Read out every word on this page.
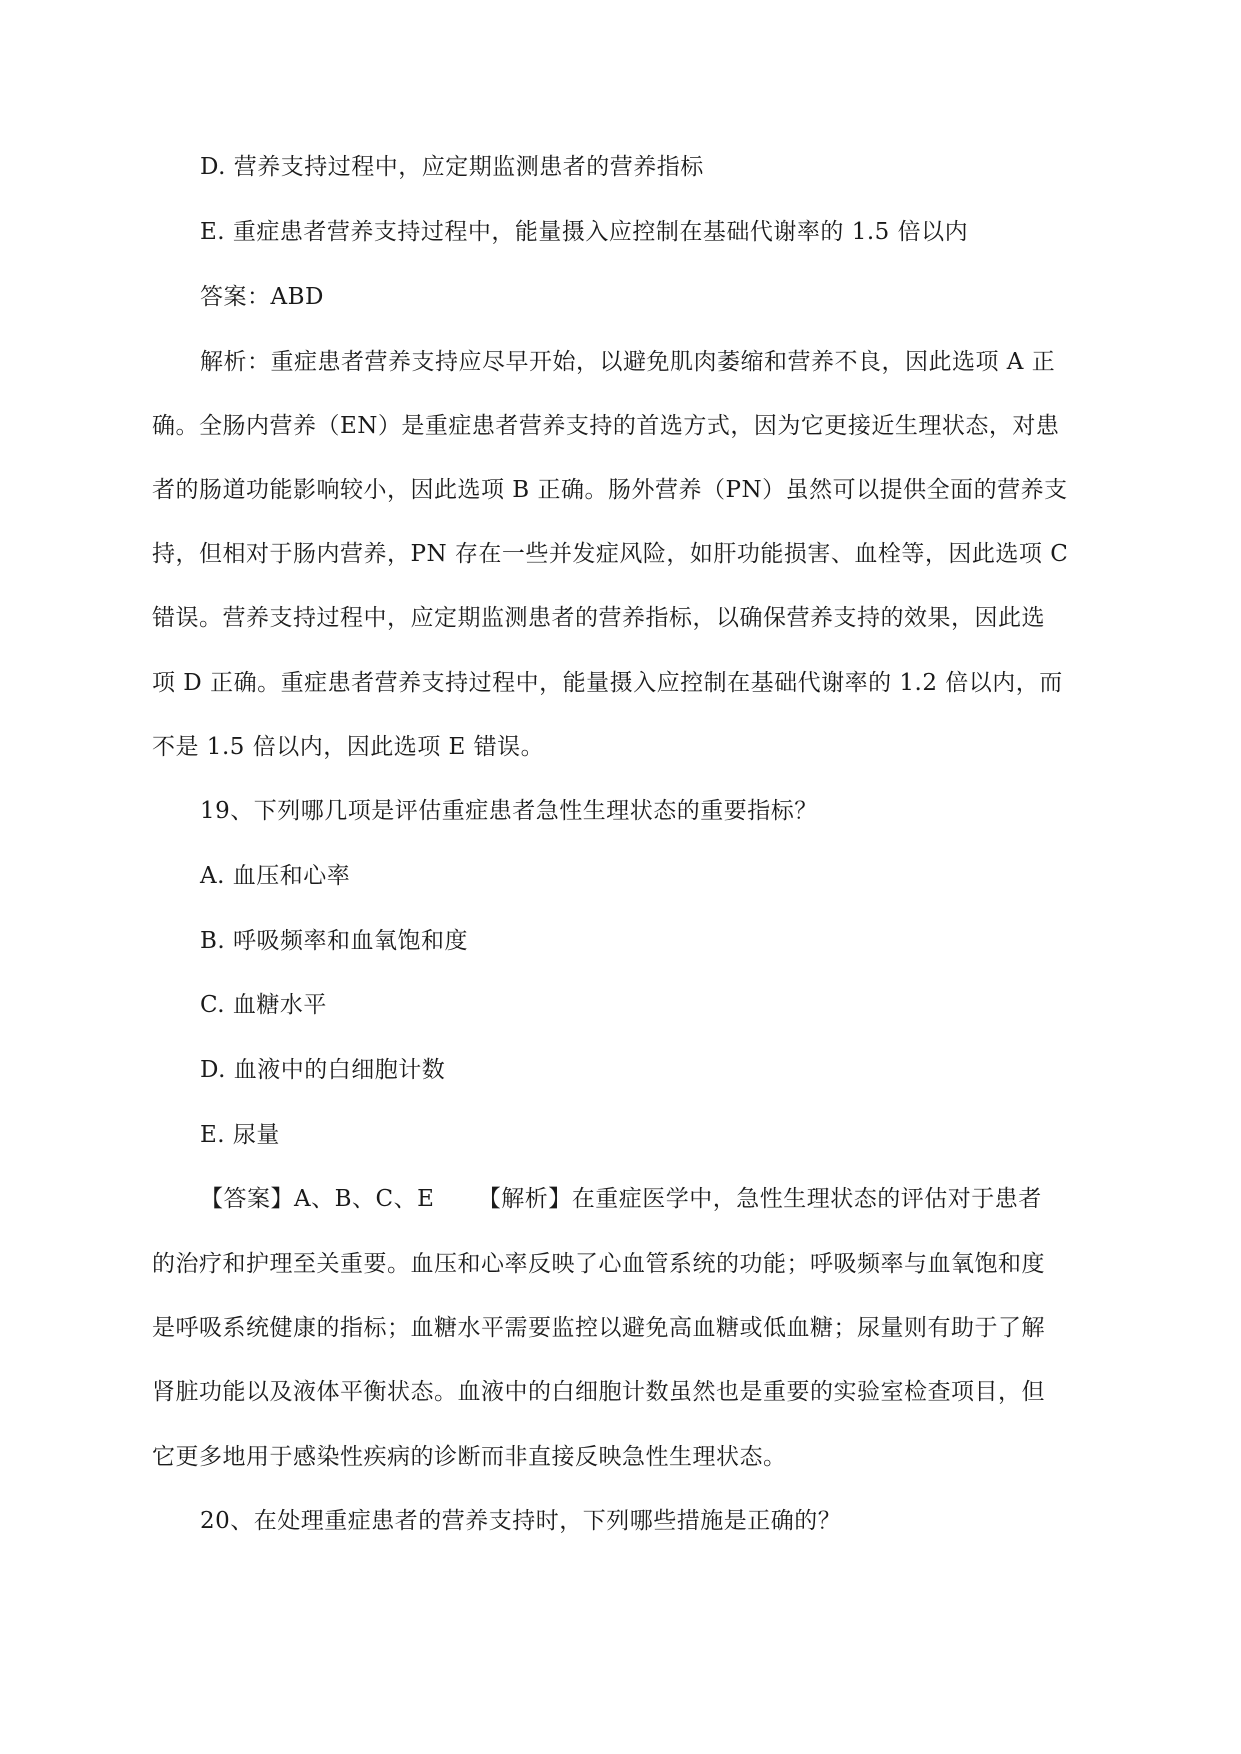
D. 营养支持过程中，应定期监测患者的营养指标
E. 重症患者营养支持过程中，能量摄入应控制在基础代谢率的 1.5 倍以内
答案：ABD
解析：重症患者营养支持应尽早开始，以避免肌肉萎缩和营养不良，因此选项 A 正
确。全肠内营养（EN）是重症患者营养支持的首选方式，因为它更接近生理状态，对患
者的肠道功能影响较小，因此选项 B 正确。肠外营养（PN）虽然可以提供全面的营养支
持，但相对于肠内营养，PN 存在一些并发症风险，如肝功能损害、血栓等，因此选项 C
错误。营养支持过程中，应定期监测患者的营养指标，以确保营养支持的效果，因此选
项 D 正确。重症患者营养支持过程中，能量摄入应控制在基础代谢率的 1.2 倍以内，而
不是 1.5 倍以内，因此选项 E 错误。
19、下列哪几项是评估重症患者急性生理状态的重要指标？
A. 血压和心率
B. 呼吸频率和血氧饱和度
C. 血糖水平
D. 血液中的白细胞计数
E. 尿量
【答案】A、B、C、E 　　【解析】在重症医学中，急性生理状态的评估对于患者
的治疗和护理至关重要。血压和心率反映了心血管系统的功能；呼吸频率与血氧饱和度
是呼吸系统健康的指标；血糖水平需要监控以避免高血糖或低血糖；尿量则有助于了解
肾脏功能以及液体平衡状态。血液中的白细胞计数虽然也是重要的实验室检查项目，但
它更多地用于感染性疾病的诊断而非直接反映急性生理状态。
20、在处理重症患者的营养支持时，下列哪些措施是正确的？
